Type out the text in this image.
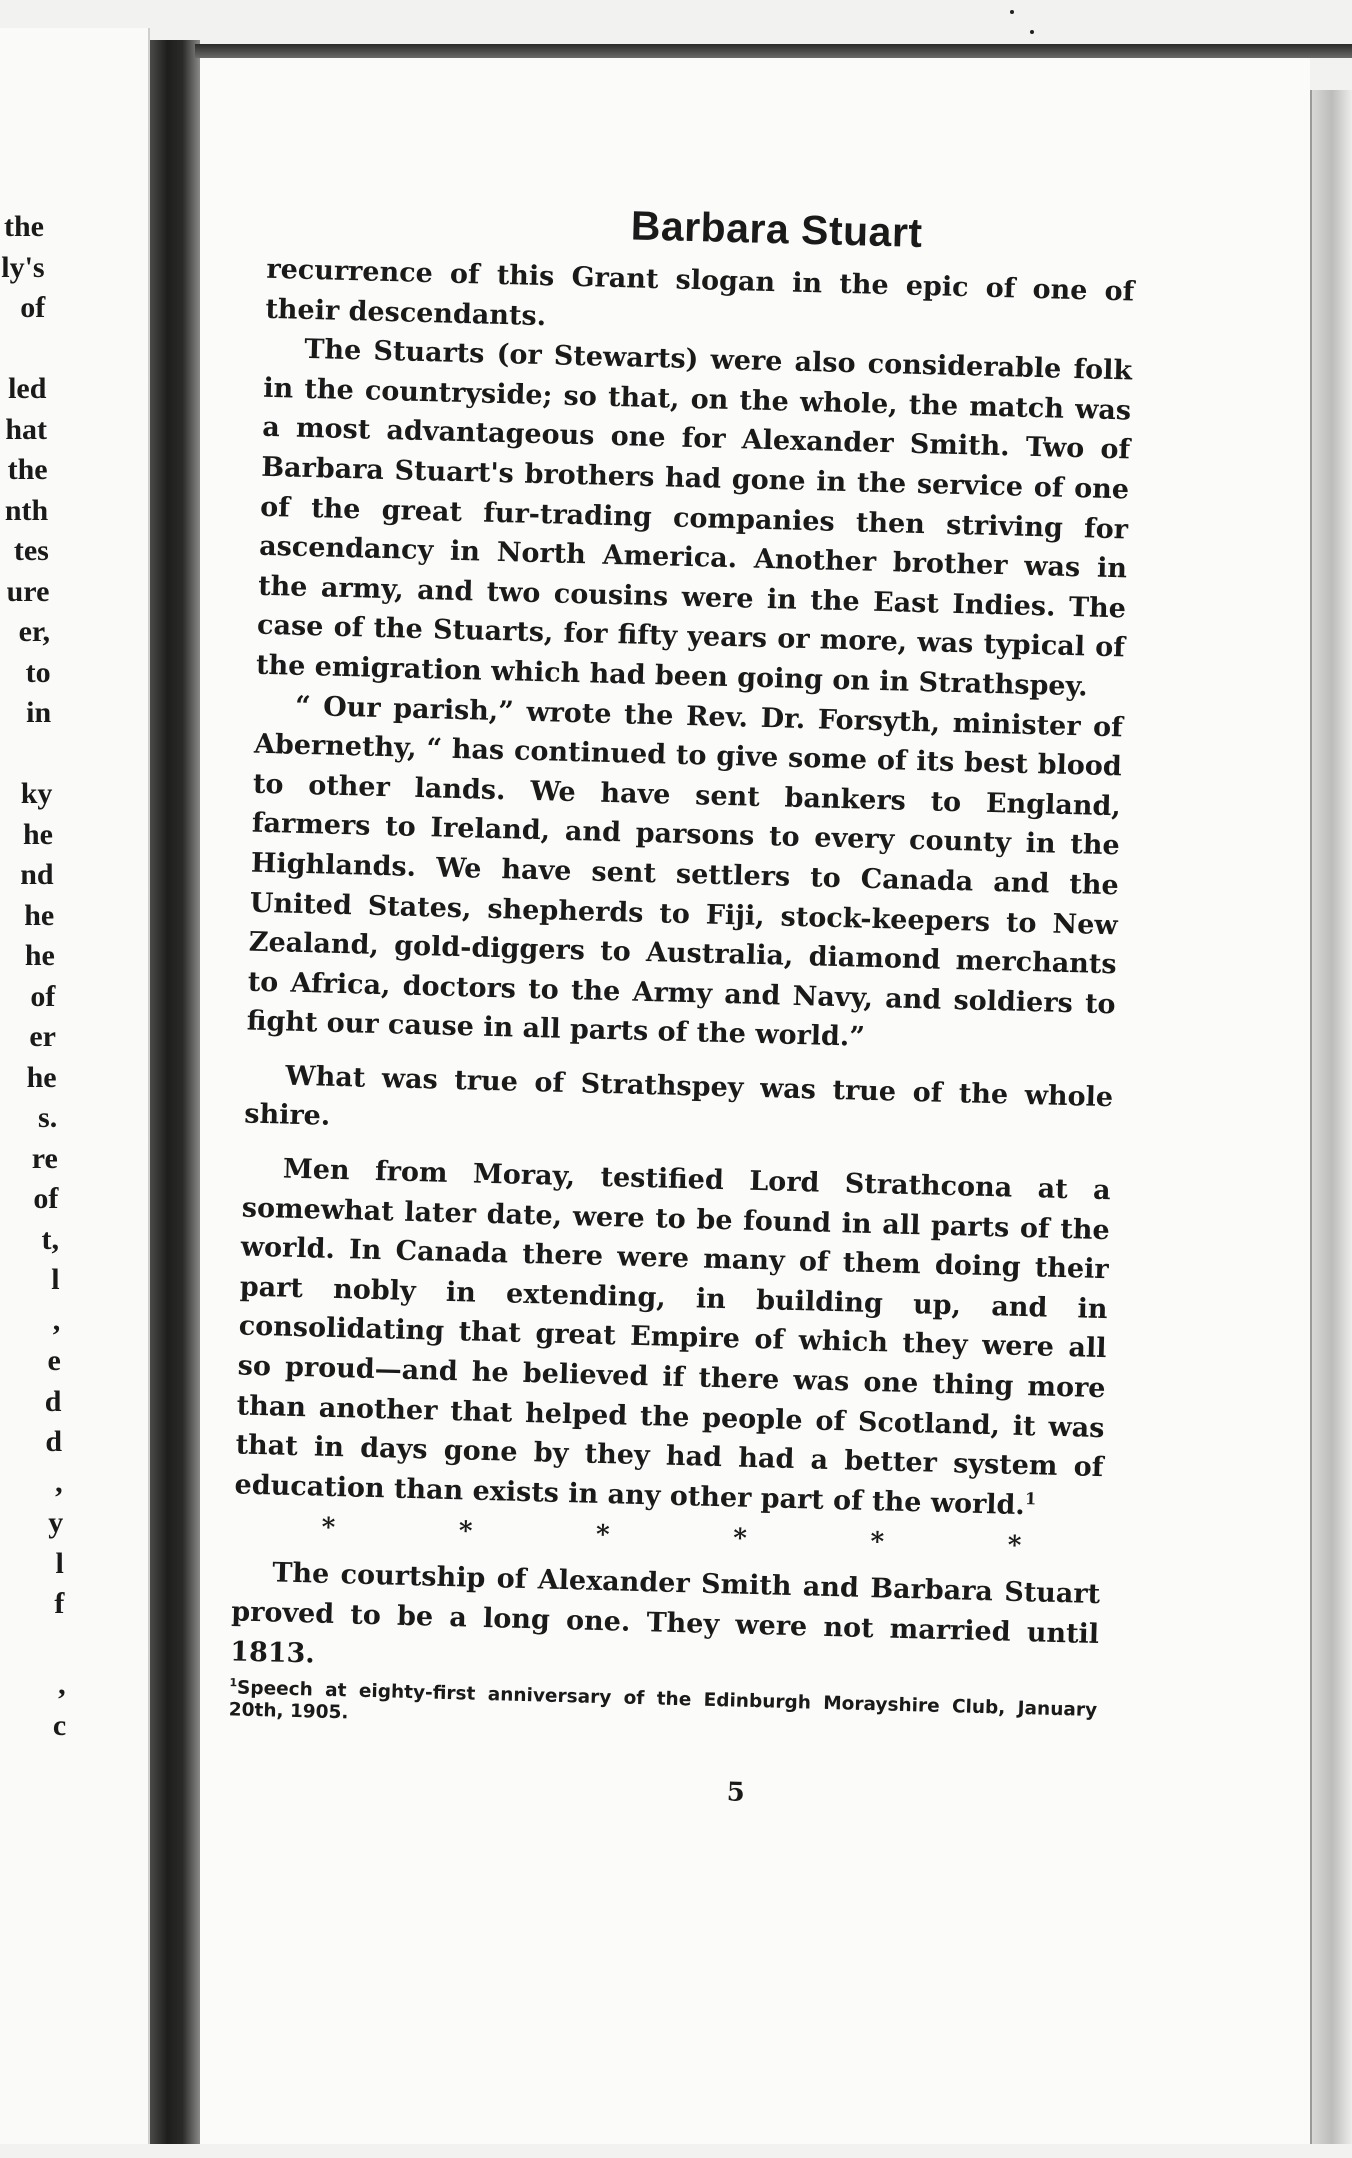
the
ly's
of
led
hat
the
nth
tes
ure
er,
to
in
ky
he
nd
he
he
of
er
he
s.
re
of
t,
l
,
e
d
d
,
y
l
f
,
c
Barbara Stuart

recurrence of this Grant slogan in the epic of one of their descendants.

The Stuarts (or Stewarts) were also considerable folk in the countryside; so that, on the whole, the match was a most advantageous one for Alexander Smith. Two of Barbara Stuart's brothers had gone in the service of one of the great fur-trading companies then striving for ascendancy in North America. Another brother was in the army, and two cousins were in the East Indies. The case of the Stuarts, for fifty years or more, was typical of the emigration which had been going on in Strathspey.

“ Our parish,” wrote the Rev. Dr. Forsyth, minister of Abernethy, “ has continued to give some of its best blood to other lands. We have sent bankers to England, farmers to Ireland, and parsons to every county in the Highlands. We have sent settlers to Canada and the United States, shepherds to Fiji, stock-keepers to New Zealand, gold-diggers to Australia, diamond merchants to Africa, doctors to the Army and Navy, and soldiers to fight our cause in all parts of the world.”

What was true of Strathspey was true of the whole shire.

Men from Moray, testified Lord Strathcona at a somewhat later date, were to be found in all parts of the world. In Canada there were many of them doing their part nobly in extending, in building up, and in consolidating that great Empire of which they were all so proud—and he believed if there was one thing more than another that helped the people of Scotland, it was that in days gone by they had had a better system of education than exists in any other part of the world.$^1$

*	*	*	*	*	*

The courtship of Alexander Smith and Barbara Stuart proved to be a long one. They were not married until 1813.

$^1$Speech at eighty-first anniversary of the Edinburgh Morayshire Club, January 20th, 1905.
5
